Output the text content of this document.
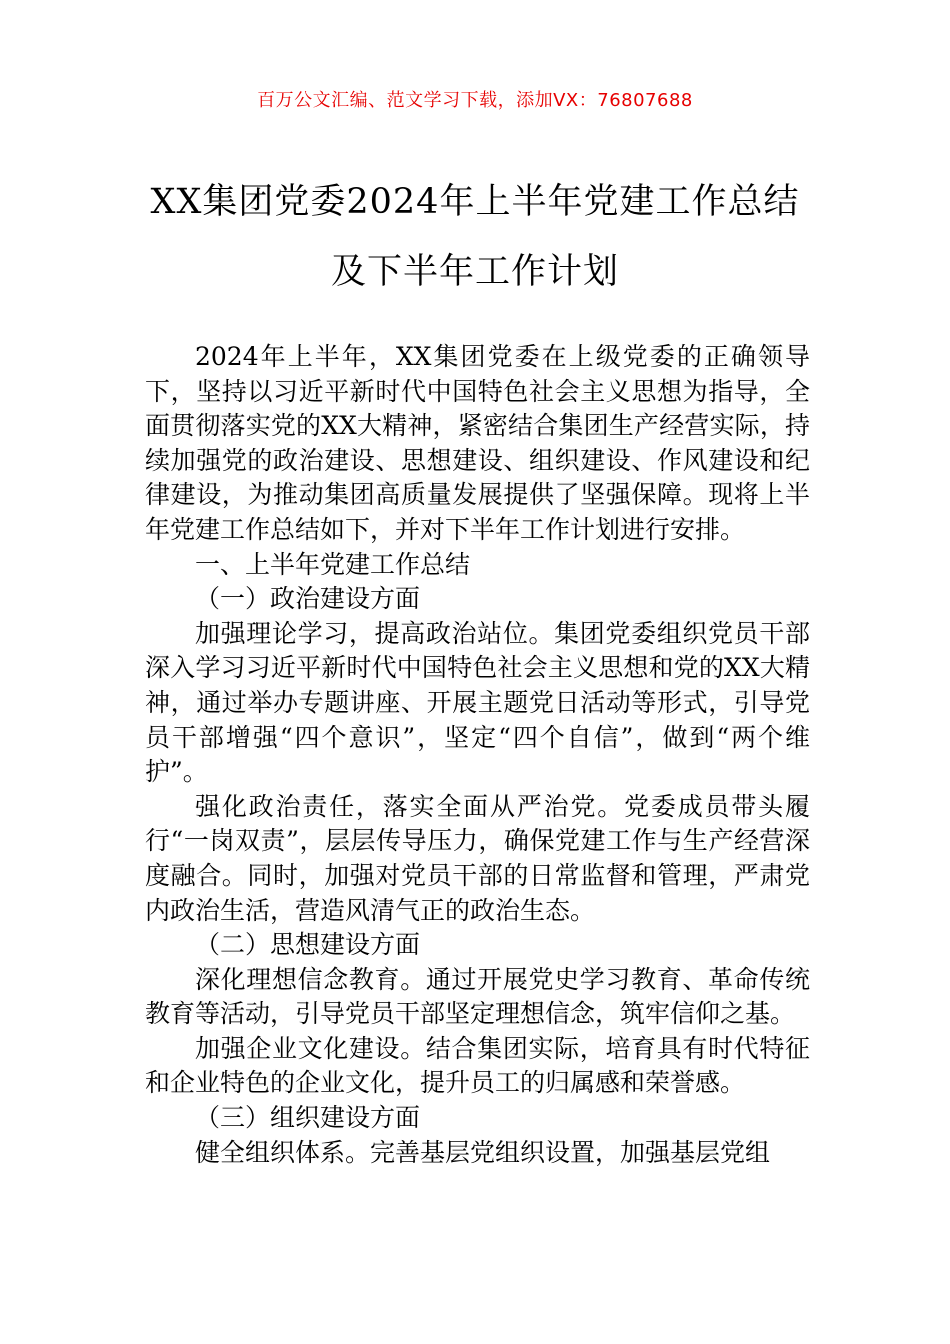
百万公文汇编、范文学习下载，添加VX：76807688
XX集团党委2024年上半年党建工作总结
及下半年工作计划

2024年上半年，XX集团党委在上级党委的正确领导下，坚持以习近平新时代中国特色社会主义思想为指导，全面贯彻落实党的XX大精神，紧密结合集团生产经营实际，持续加强党的政治建设、思想建设、组织建设、作风建设和纪律建设，为推动集团高质量发展提供了坚强保障。现将上半年党建工作总结如下，并对下半年工作计划进行安排。

一、上半年党建工作总结

（一）政治建设方面

加强理论学习，提高政治站位。集团党委组织党员干部深入学习习近平新时代中国特色社会主义思想和党的XX大精神，通过举办专题讲座、开展主题党日活动等形式，引导党员干部增强“四个意识”，坚定“四个自信”，做到“两个维护”。

强化政治责任，落实全面从严治党。党委成员带头履行“一岗双责”，层层传导压力，确保党建工作与生产经营深度融合。同时，加强对党员干部的日常监督和管理，严肃党内政治生活，营造风清气正的政治生态。

（二）思想建设方面

深化理想信念教育。通过开展党史学习教育、革命传统教育等活动，引导党员干部坚定理想信念，筑牢信仰之基。

加强企业文化建设。结合集团实际，培育具有时代特征和企业特色的企业文化，提升员工的归属感和荣誉感。

（三）组织建设方面

健全组织体系。完善基层党组织设置，加强基层党组
